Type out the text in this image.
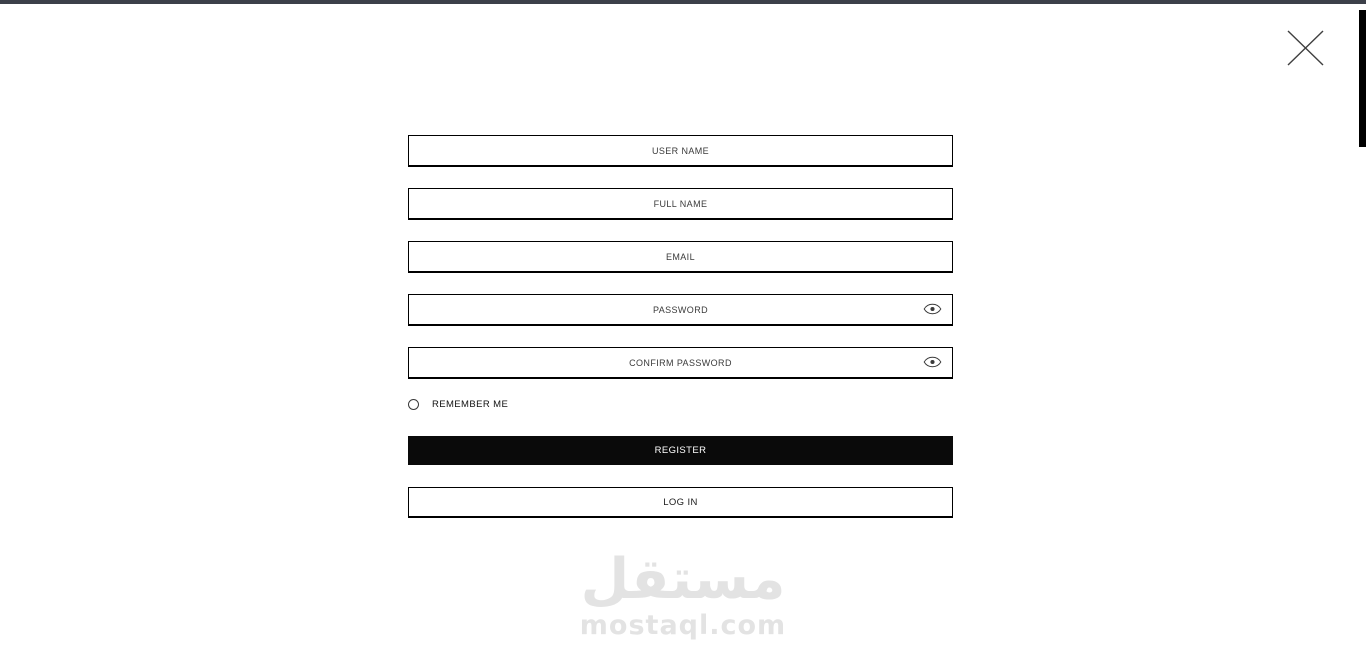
USER NAME
FULL NAME
EMAIL
REMEMBER ME
REGISTER
LOG IN
مستقل
mostaql.com
